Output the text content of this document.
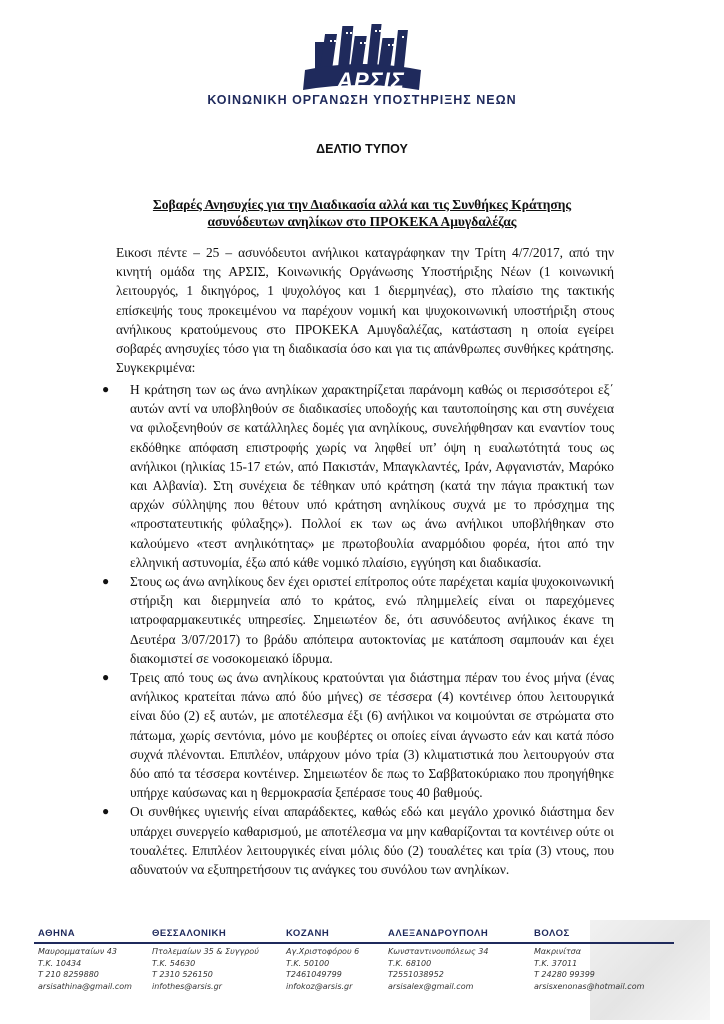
ΑΡΣΙΣ
ΚΟΙΝΩΝΙΚΗ ΟΡΓΑΝΩΣΗ ΥΠΟΣΤΗΡΙΞΗΣ ΝΕΩΝ
ΔΕΛΤΙΟ ΤΥΠΟΥ
Σοβαρές Ανησυχίες για την Διαδικασία αλλά και τις Συνθήκες Κράτησης
ασυνόδευτων ανηλίκων στο ΠΡΟΚΕΚΑ Αμυγδαλέζας

Εικοσι πέντε – 25 – ασυνόδευτοι ανήλικοι καταγράφηκαν την Τρίτη 4/7/2017, από την κινητή ομάδα της ΑΡΣΙΣ, Κοινωνικής Οργάνωσης Υποστήριξης Νέων (1 κοινωνική λειτουργός, 1 δικηγόρος, 1 ψυχολόγος και 1 διερμηνέας), στο πλαίσιο της τακτικής επίσκεψής τους προκειμένου να παρέχουν νομική και ψυχοκοινωνική υποστήριξη στους ανήλικους κρατούμενους στο ΠΡΟΚΕΚΑ Αμυγδαλέζας, κατάσταση η οποία εγείρει σοβαρές ανησυχίες τόσο για τη διαδικασία όσο και για τις απάνθρωπες συνθήκες κράτησης. Συγκεκριμένα:

● Η κράτηση των ως άνω ανηλίκων χαρακτηρίζεται παράνομη καθώς οι περισσότεροι εξ΄ αυτών αντί να υποβληθούν σε διαδικασίες υποδοχής και ταυτοποίησης και στη συνέχεια να φιλοξενηθούν σε κατάλληλες δομές για ανηλίκους, συνελήφθησαν και εναντίον τους εκδόθηκε απόφαση επιστροφής χωρίς να ληφθεί υπ’ όψη η ευαλωτότητά τους ως ανήλικοι (ηλικίας 15-17 ετών, από Πακιστάν, Μπαγκλαντές, Ιράν, Αφγανιστάν, Μαρόκο και Αλβανία). Στη συνέχεια δε τέθηκαν υπό κράτηση (κατά την πάγια πρακτική των αρχών σύλληψης που θέτουν υπό κράτηση ανηλίκους συχνά με το πρόσχημα της «προστατευτικής φύλαξης»). Πολλοί εκ των ως άνω ανήλικοι υποβλήθηκαν στο καλούμενο «τεστ ανηλικότητας» με πρωτοβουλία αναρμόδιου φορέα, ήτοι από την ελληνική αστυνομία, έξω από κάθε νομικό πλαίσιο, εγγύηση και διαδικασία.
● Στους ως άνω ανηλίκους δεν έχει οριστεί επίτροπος ούτε παρέχεται καμία ψυχοκοινωνική στήριξη και διερμηνεία από το κράτος, ενώ πλημμελείς είναι οι παρεχόμενες ιατροφαρμακευτικές υπηρεσίες. Σημειωτέον δε, ότι ασυνόδευτος ανήλικος έκανε τη Δευτέρα 3/07/2017) το βράδυ απόπειρα αυτοκτονίας με κατάποση σαμπουάν και έχει διακομιστεί σε νοσοκομειακό ίδρυμα.
● Τρεις από τους ως άνω ανηλίκους κρατούνται για διάστημα πέραν του ένος μήνα (ένας ανήλικος κρατείται πάνω από δύο μήνες) σε τέσσερα (4) κοντέινερ όπου λειτουργικά είναι δύο (2) εξ αυτών, με αποτέλεσμα έξι (6) ανήλικοι να κοιμούνται σε στρώματα στο πάτωμα, χωρίς σεντόνια, μόνο με κουβέρτες οι οποίες είναι άγνωστο εάν και κατά πόσο συχνά πλένονται. Επιπλέον, υπάρχουν μόνο τρία (3) κλιματιστικά που λειτουργούν στα δύο από τα τέσσερα κοντέινερ. Σημειωτέον δε πως το Σαββατοκύριακο που προηγήθηκε υπήρχε καύσωνας και η θερμοκρασία ξεπέρασε τους 40 βαθμούς.
● Οι συνθήκες υγιεινής είναι απαράδεκτες, καθώς εδώ και μεγάλο χρονικό διάστημα δεν υπάρχει συνεργείο καθαρισμού, με αποτέλεσμα να μην καθαρίζονται τα κοντέινερ ούτε οι τουαλέτες. Επιπλέον λειτουργικές είναι μόλις δύο (2) τουαλέτες και τρία (3) ντους, που αδυνατούν να εξυπηρετήσουν τις ανάγκες του συνόλου των ανηλίκων.
ΑΘΗΝΑ
Μαυρομματαίων 43
Τ.Κ. 10434
Τ 210 8259880
arsisathina@gmail.com
ΘΕΣΣΑΛΟΝΙΚΗ
Πτολεμαίων 35 & Συγγρού
Τ.Κ. 54630
Τ 2310 526150
infothes@arsis.gr
ΚΟΖΑΝΗ
Αγ.Χριστοφόρου 6
Τ.Κ. 50100
Τ2461049799
infokoz@arsis.gr
ΑΛΕΞΑΝΔΡΟΥΠΟΛΗ
Κωνσταντινουπόλεως 34
Τ.Κ. 68100
Τ2551038952
arsisalex@gmail.com
ΒΟΛΟΣ
Μακρινίτσα
Τ.Κ. 37011
Τ 24280 99399
arsisxenonas@hotmail.com
